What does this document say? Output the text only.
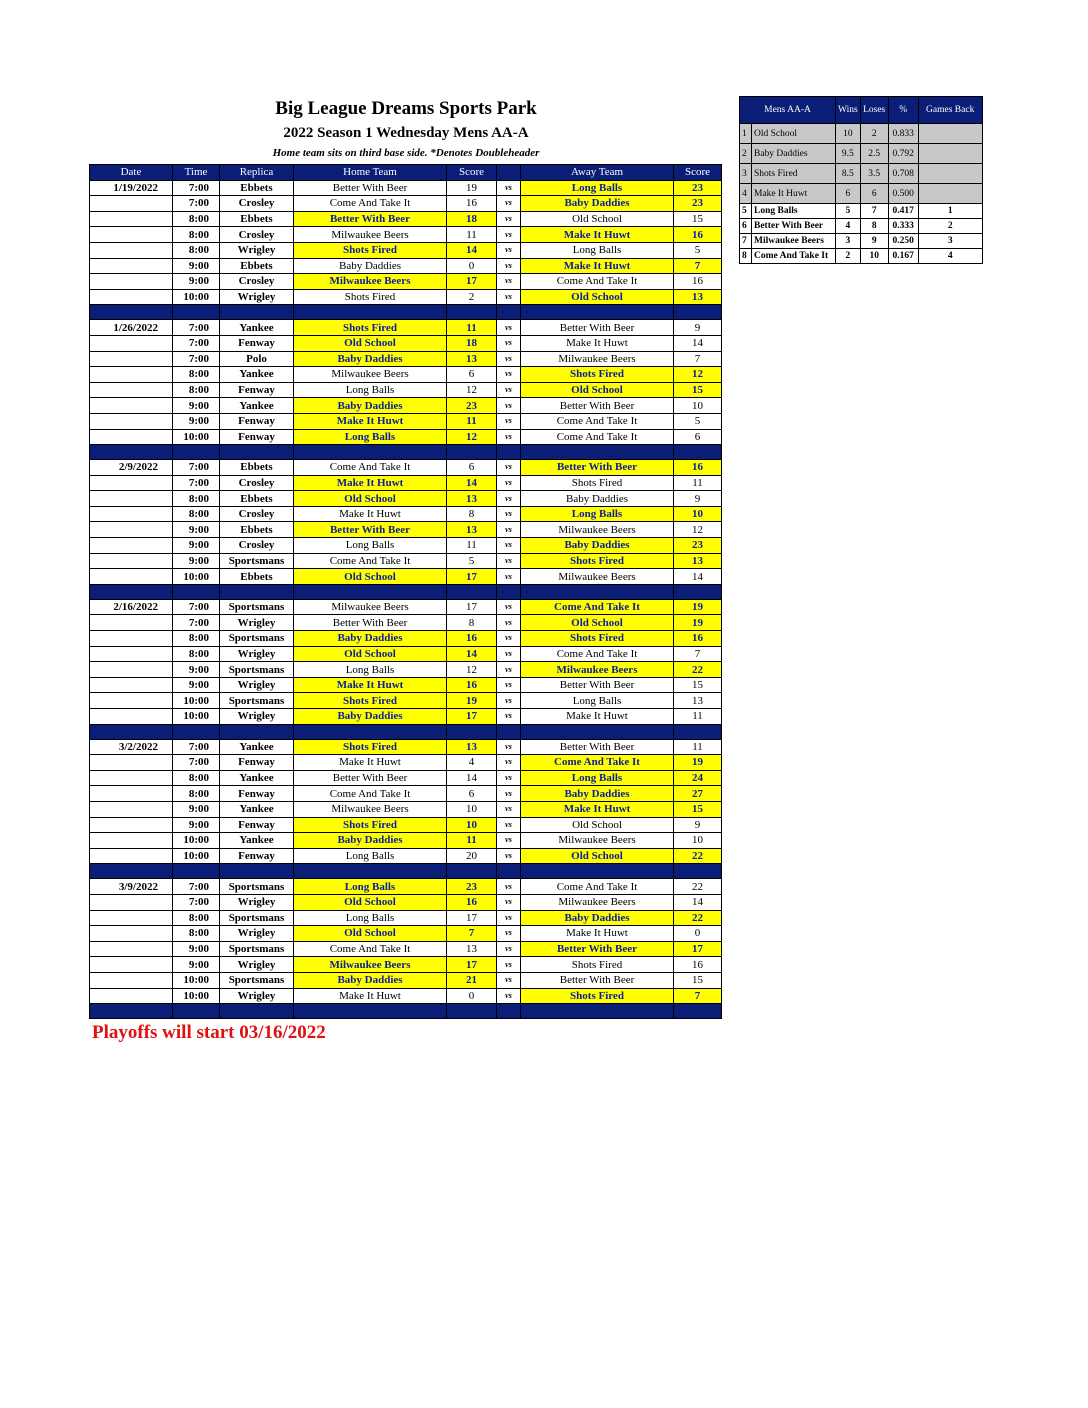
Big League Dreams Sports Park
2022 Season 1 Wednesday Mens AA-A
Home team sits on third base side. *Denotes Doubleheader
Date	Time	Replica	Home Team	Score		Away Team	Score
1/19/2022	7:00	Ebbets	Better With Beer	19	vs	Long Balls	23
	7:00	Crosley	Come And Take It	16	vs	Baby Daddies	23
	8:00	Ebbets	Better With Beer	18	vs	Old School	15
	8:00	Crosley	Milwaukee Beers	11	vs	Make It Huwt	16
	8:00	Wrigley	Shots Fired	14	vs	Long Balls	5
	9:00	Ebbets	Baby Daddies	0	vs	Make It Huwt	7
	9:00	Crosley	Milwaukee Beers	17	vs	Come And Take It	16
	10:00	Wrigley	Shots Fired	2	vs	Old School	13

1/26/2022	7:00	Yankee	Shots Fired	11	vs	Better With Beer	9
	7:00	Fenway	Old School	18	vs	Make It Huwt	14
	7:00	Polo	Baby Daddies	13	vs	Milwaukee Beers	7
	8:00	Yankee	Milwaukee Beers	6	vs	Shots Fired	12
	8:00	Fenway	Long Balls	12	vs	Old School	15
	9:00	Yankee	Baby Daddies	23	vs	Better With Beer	10
	9:00	Fenway	Make It Huwt	11	vs	Come And Take It	5
	10:00	Fenway	Long Balls	12	vs	Come And Take It	6

2/9/2022	7:00	Ebbets	Come And Take It	6	vs	Better With Beer	16
	7:00	Crosley	Make It Huwt	14	vs	Shots Fired	11
	8:00	Ebbets	Old School	13	vs	Baby Daddies	9
	8:00	Crosley	Make It Huwt	8	vs	Long Balls	10
	9:00	Ebbets	Better With Beer	13	vs	Milwaukee Beers	12
	9:00	Crosley	Long Balls	11	vs	Baby Daddies	23
	9:00	Sportsmans	Come And Take It	5	vs	Shots Fired	13
	10:00	Ebbets	Old School	17	vs	Milwaukee Beers	14

2/16/2022	7:00	Sportsmans	Milwaukee Beers	17	vs	Come And Take It	19
	7:00	Wrigley	Better With Beer	8	vs	Old School	19
	8:00	Sportsmans	Baby Daddies	16	vs	Shots Fired	16
	8:00	Wrigley	Old School	14	vs	Come And Take It	7
	9:00	Sportsmans	Long Balls	12	vs	Milwaukee Beers	22
	9:00	Wrigley	Make It Huwt	16	vs	Better With Beer	15
	10:00	Sportsmans	Shots Fired	19	vs	Long Balls	13
	10:00	Wrigley	Baby Daddies	17	vs	Make It Huwt	11

3/2/2022	7:00	Yankee	Shots Fired	13	vs	Better With Beer	11
	7:00	Fenway	Make It Huwt	4	vs	Come And Take It	19
	8:00	Yankee	Better With Beer	14	vs	Long Balls	24
	8:00	Fenway	Come And Take It	6	vs	Baby Daddies	27
	9:00	Yankee	Milwaukee Beers	10	vs	Make It Huwt	15
	9:00	Fenway	Shots Fired	10	vs	Old School	9
	10:00	Yankee	Baby Daddies	11	vs	Milwaukee Beers	10
	10:00	Fenway	Long Balls	20	vs	Old School	22

3/9/2022	7:00	Sportsmans	Long Balls	23	vs	Come And Take It	22
	7:00	Wrigley	Old School	16	vs	Milwaukee Beers	14
	8:00	Sportsmans	Long Balls	17	vs	Baby Daddies	22
	8:00	Wrigley	Old School	7	vs	Make It Huwt	0
	9:00	Sportsmans	Come And Take It	13	vs	Better With Beer	17
	9:00	Wrigley	Milwaukee Beers	17	vs	Shots Fired	16
	10:00	Sportsmans	Baby Daddies	21	vs	Better With Beer	15
	10:00	Wrigley	Make It Huwt	0	vs	Shots Fired	7

Mens AA-A		Wins	Loses	%	Games Back
1	Old School	10	2	0.833	
2	Baby Daddies	9.5	2.5	0.792	
3	Shots Fired	8.5	3.5	0.708	
4	Make It Huwt	6	6	0.500	
5	Long Balls	5	7	0.417	1
6	Better With Beer	4	8	0.333	2
7	Milwaukee Beers	3	9	0.250	3
8	Come And Take It	2	10	0.167	4
Playoffs will start 03/16/2022
